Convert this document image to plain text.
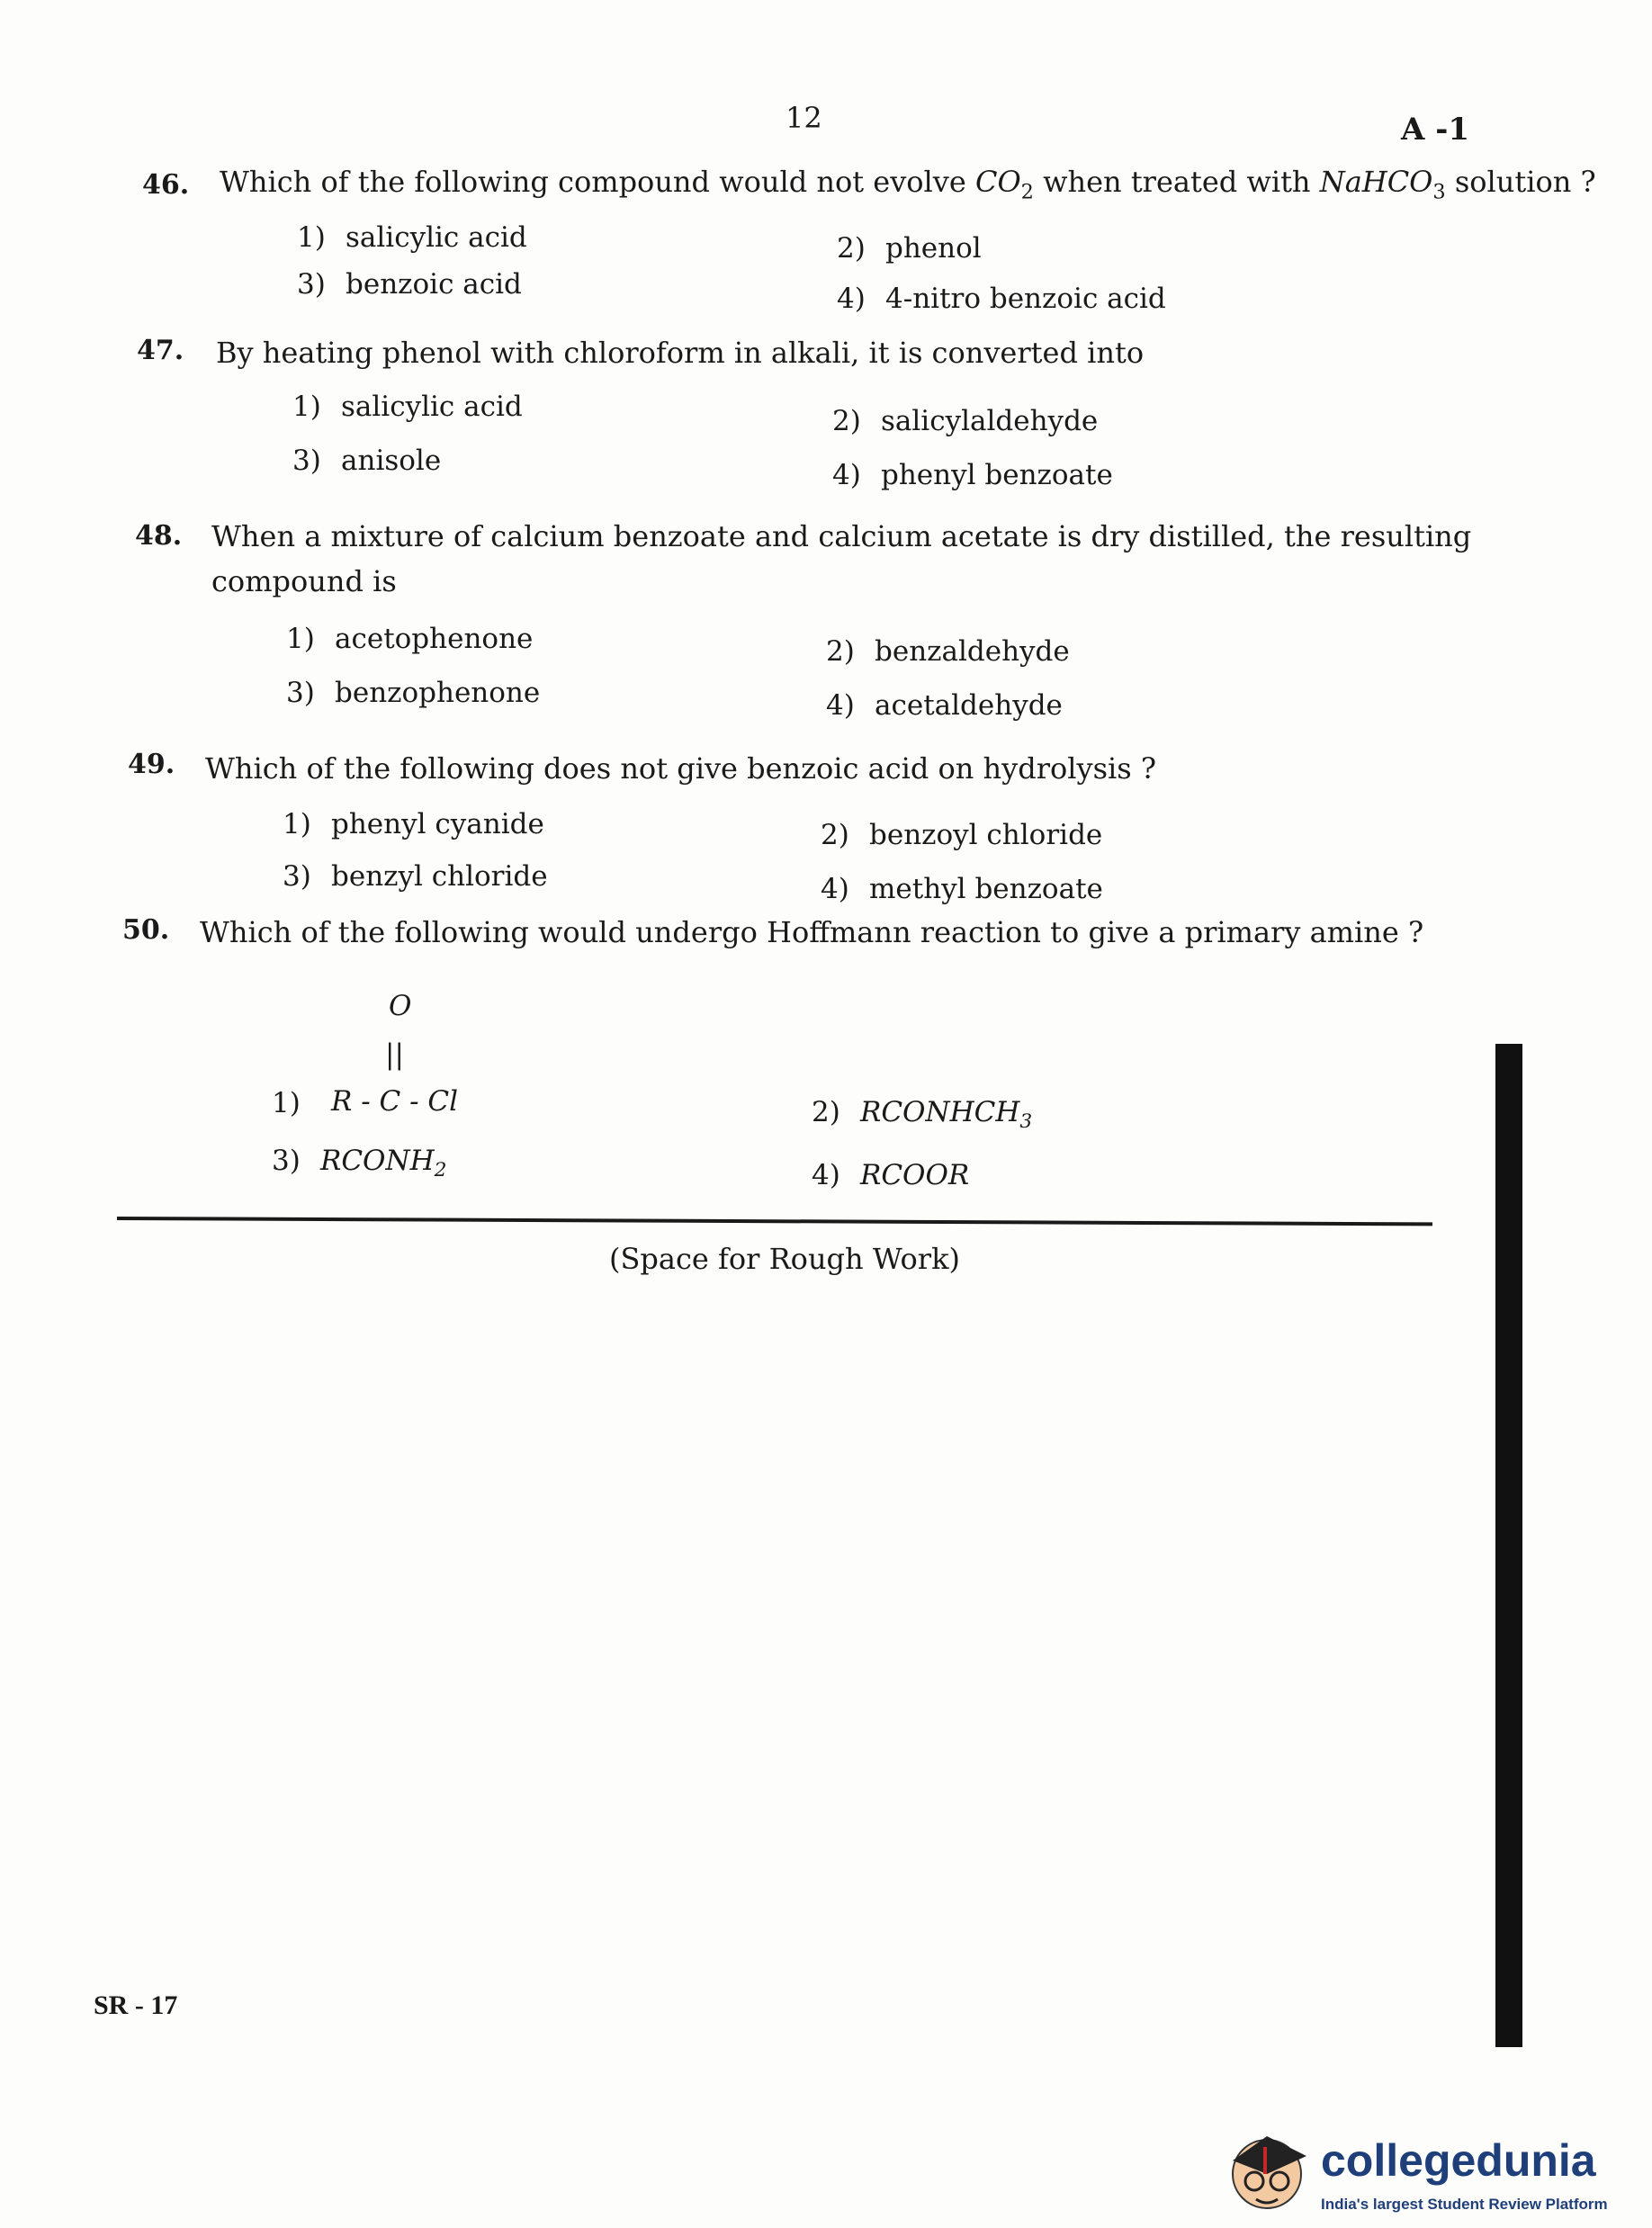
12	A -1
46. Which of the following compound would not evolve $CO_2$ when treated with NaHCO$_3$ solution ?
1) salicylic acid	2) phenol
3) benzoic acid	4) 4-nitro benzoic acid
47. By heating phenol with chloroform in alkali, it is converted into
1) salicylic acid	2) salicylaldehyde
3) anisole	4) phenyl benzoate
48. When a mixture of calcium benzoate and calcium acetate is dry distilled, the resulting
compound is
1) acetophenone	2) benzaldehyde
3) benzophenone	4) acetaldehyde
49. Which of the following does not give benzoic acid on hydrolysis ?
1) phenyl cyanide	2) benzoyl chloride
3) benzyl chloride	4) methyl benzoate
50. Which of the following would undergo Hoffmann reaction to give a primary amine ?
1)
O
||
R - C - Cl	2) $RCONHCH_3$
3) $RCONH_2$	4) RCOOR
(Space for Rough Work)
SR - 17
collegedunia
India's largest Student Review Platform
